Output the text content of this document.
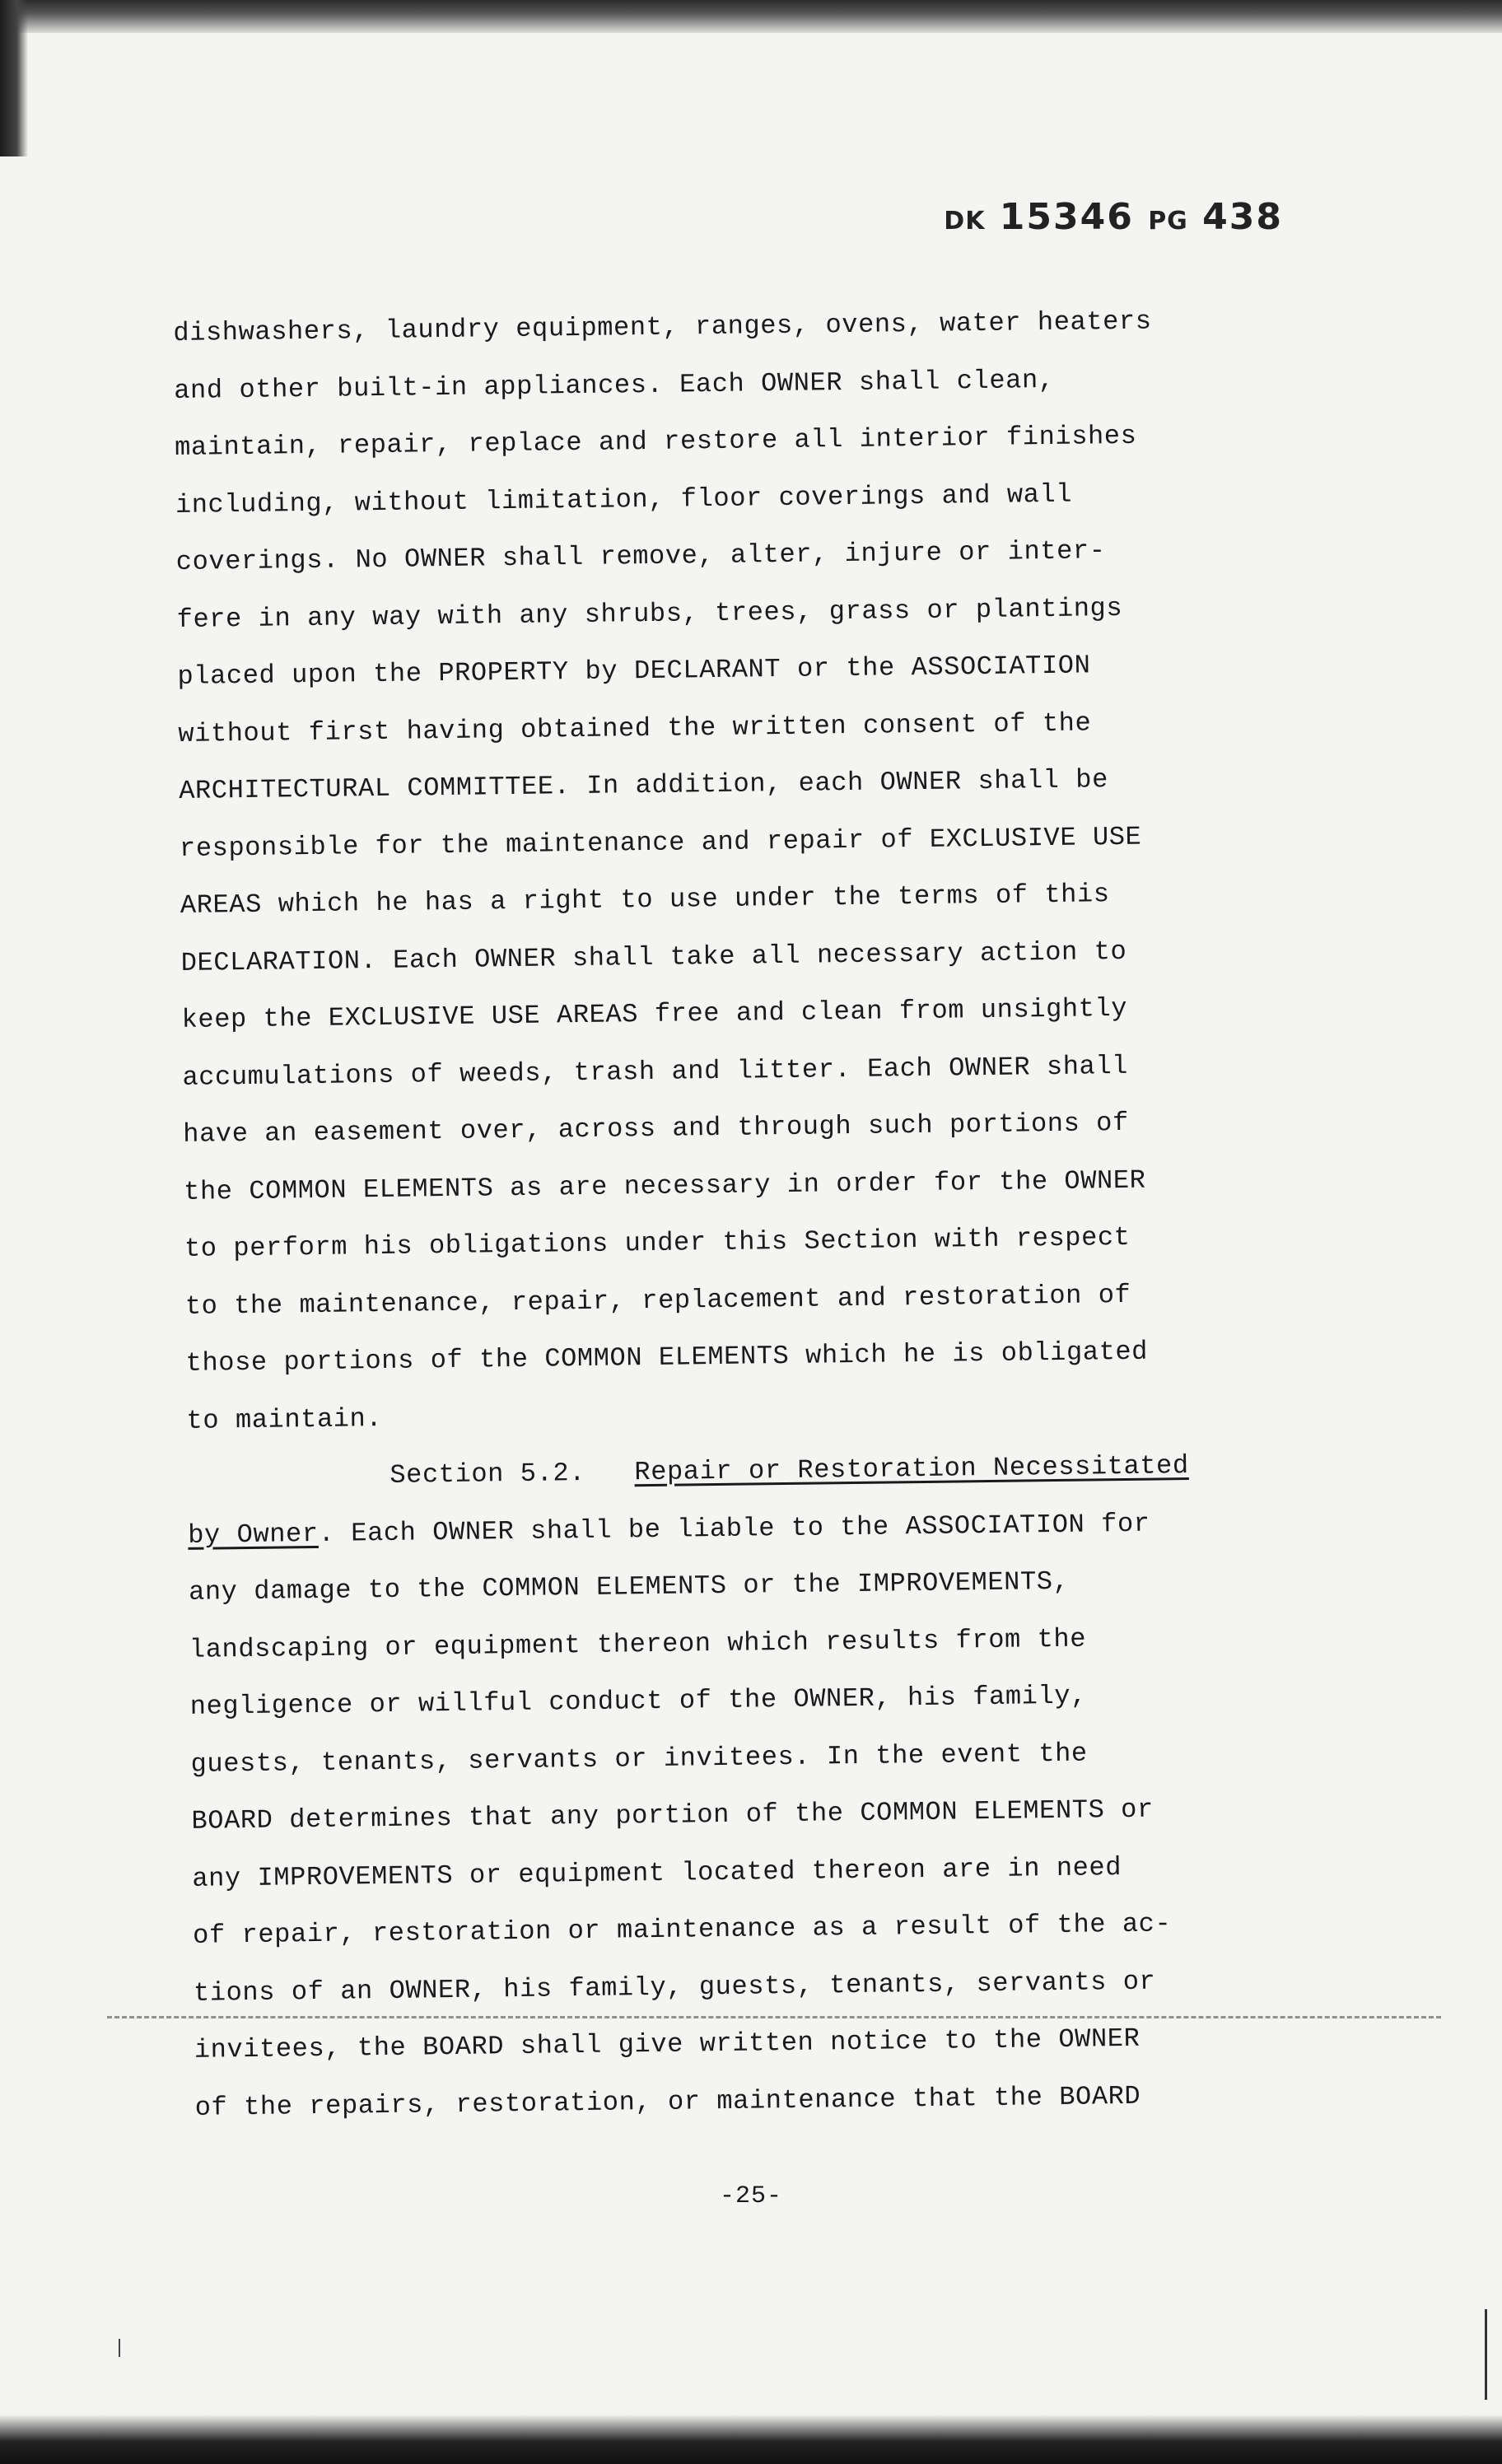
DK 15346 PG 438
dishwashers, laundry equipment, ranges, ovens, water heaters
and other built-in appliances. Each OWNER shall clean,
maintain, repair, replace and restore all interior finishes
including, without limitation, floor coverings and wall
coverings. No OWNER shall remove, alter, injure or inter-
fere in any way with any shrubs, trees, grass or plantings
placed upon the PROPERTY by DECLARANT or the ASSOCIATION
without first having obtained the written consent of the
ARCHITECTURAL COMMITTEE. In addition, each OWNER shall be
responsible for the maintenance and repair of EXCLUSIVE USE
AREAS which he has a right to use under the terms of this
DECLARATION. Each OWNER shall take all necessary action to
keep the EXCLUSIVE USE AREAS free and clean from unsightly
accumulations of weeds, trash and litter. Each OWNER shall
have an easement over, across and through such portions of
the COMMON ELEMENTS as are necessary in order for the OWNER
to perform his obligations under this Section with respect
to the maintenance, repair, replacement and restoration of
those portions of the COMMON ELEMENTS which he is obligated
to maintain.
Section 5.2. Repair or Restoration Necessitated
by Owner. Each OWNER shall be liable to the ASSOCIATION for
any damage to the COMMON ELEMENTS or the IMPROVEMENTS,
landscaping or equipment thereon which results from the
negligence or willful conduct of the OWNER, his family,
guests, tenants, servants or invitees. In the event the
BOARD determines that any portion of the COMMON ELEMENTS or
any IMPROVEMENTS or equipment located thereon are in need
of repair, restoration or maintenance as a result of the ac-
tions of an OWNER, his family, guests, tenants, servants or
invitees, the BOARD shall give written notice to the OWNER
of the repairs, restoration, or maintenance that the BOARD
-25-
